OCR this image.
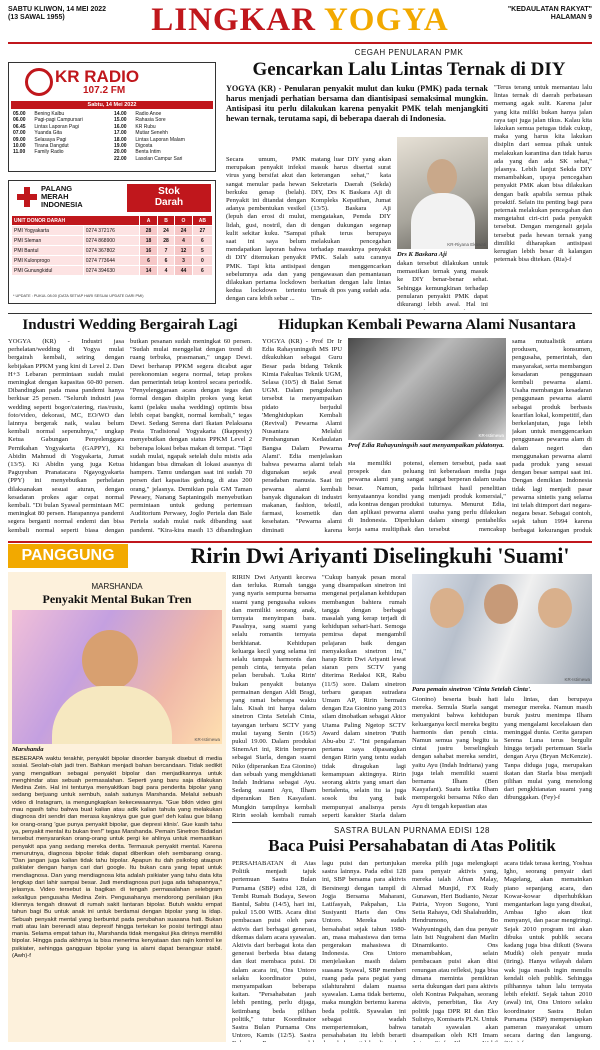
SABTU KLIWON, 14 MEI 2022
(13 SAWAL 1955)	LINGKAR YOGYA	"KEDAULATAN RAKYAT"
HALAMAN 9
KR RADIO
107.2 FM
Sabtu, 14 Mei 2022
05.00	Bening Kalbu	14.00	Radio Anoe
06.00	Pagi-pagi Campursari	15.00	Rahasia Sore
06.45	Lintas Laporan Pagi	16.00	KR Rubu
07.00	Yuanda Gita	17.00	Mutiar Senehh
09.00	Selasaya Pagi	18.00	Lintas Laporan Malam
10.00	Tirana Dangdut	19.00	Digosta
11.00	Family Radio	20.00	Benta Intim
22.00	Lasolan Campur Sari
PALANG
MERAH
INDONESIA
Stok
Darah
UNIT DONOR DARAH		A	B	O	AB
PMI Yogyakarta	0274 372176	28	24	24	27
PMI Sleman	0274 868900	18	28	4	6
PMI Bantul	0274 367802	16	7	12	5
PMI Kulonprogo	0274 773644	6	6	3	0
PMI Gunungkidul	0274 394630	14	4	44	6
* UPDATE : PUKUL 08.00 (DATA SETIAP HARI SESUAI UPDATE DARI PMI)
CEGAH PENULARAN PMK
Gencarkan Lalu Lintas Ternak di DIY
YOGYA (KR) - Penularan penyakit mulut dan kuku (PMK) pada ternak harus menjadi perhatian bersama dan diantisipasi semaksimal mungkin. Antisipasi itu perlu dilakukan karena penyakit PMK telah menjangkiti hewan ternak, terutama sapi, di beberapa daerah di Indonesia.
Secara umum, PMK merupakan penyakit infeksi virus yang bersifat akut dan sangat menular pada hewan berkuku genap (belah). Penyakit ini ditandai dengan adanya pembentukan vesikel (lepuh dan erosi di mulut, lidah, gusi, nostril, dan di kulit sekitar kuku. "Sampai saat ini saya belum mendapatkan laporan bahwa di DIY ditemukan penyakit PMK. Tapi kita antisipasi sebelumnya ada dan yang dilakukan pertama lockdown kedua lockdown tertentu dengan cara lebih sebar ...
matang luar DIY yang akan masuk harus disertai surat keterangan sehat," kata Sekretaris Daerah (Sekda) DIY, Drs K Baskara Aji di Kompleks Kepatihan, Jumat (13/5). Baskara Aji mengatakan, Pemda DIY dengan dukungan segenap pihak terus berupaya melakukan pencegahan terhadap masuknya penyakit PMK. Salah satu caranya dengan menggencarkan pengawasan dan pemantauan berkaitan dengan lalu lintas ternak di pos yang sudah ada. Tin-
KR-Riyana Ekawati
Drs K Baskara Aji
dakan tersebut dilakukan untuk memastikan ternak yang masuk ke DIY benar-benar sehat. Sehingga kemungkinan terhadap penularan penyakit PMK dapat dikurangi lebih awal. Hal ini
"Terus terang untuk memantau lalu lintas ternak di daerah perbatasan memang agak sulit. Karena jalur yang kita miliki bukan hanya jalan raya tapi juga jalan tikus. Kalau kita lakukan semua petugas tidak cukup, maka yang harus kita lakukan disiplin dari semua pihak untuk melakukan karantina dan tidak harus ada yang dan ada SK sehat," jelasnya. Lebih lanjut Sekda DIY menambahkan, upaya pencegahan penyakit PMK akan bisa dilakukan dengan baik apabila semua pihak proaktif. Selain itu penting bagi para peternak melakukan pencegahan dan mengetahui ciri-ciri pada penyakit tersebut. Dengan mengenali gejala tersebut pada hewan ternak yang dimiliki diharapkan antisipasi kerugian lebih besar di kalangan peternak bisa ditekan. (Ria)-f
Industri Wedding Bergairah Lagi
YOGYA (KR) - Industri jasa perhelatan/wedding di Yogya mulai bergairah kembali, seiring dengan kebijakan PPKM yang kini di Level 2. Dan H+3 Lebaran permintaan sudah mulai meningkat dengan kapasitas 60-80 persen. Dibandingkan pada masa pandemi hanya berkisar 25 persen. "Seluruh industri jasa wedding seperti bogor/catering, rias/rusiu, foto/video, dekorasi, MC, EO/WO dan lainnya bergerak naik, walau belum kembali normal sepenuhnya," ungkap Ketua Gabungan Penyelenggara Pernikahan Yogyakarta (GAPPY), Ki Abidin Mahmud di Yogyakarta, Jumat (13/5). Ki Abidin yang juga Ketua Paguyuban Pranatacara Ngayogyakarta (PPY) ini menyebutkan perhelatan dilaksanakan sesuai aturan, dengan kesadaran prokes agar cepat normal kembali. "Di bulan Syawal permintaan MC meningkat 80 persen. Harapannya pandemi segera berganti normal endemi dan bisa kembali normal seperti biasa dengan
butkan pesanan sudah meningkat 60 persen. "Sudah mulai menggeliat dengan trend di ruang terbuka, prasmanan," ungap Dewi. Dewi berharap PPKM segera dicabut agar perekonomian segera normal, tetap prokes dan pemerintah tetap kontrol secara periodik. "Penyelenggaraan acara dengan tegas dan formal dengan disiplin prokes yang ketat kami (pelaku usaha wedding) optimis bisa lebih cepat bangkit, normal kembali," tegas Dewi. Sedang Serena dari Ikatan Pelaksana Pesta Tradisional Yogyakarta (Ikappesty) menyebutkan dengan status PPKM Level 2 beberapa lokasi bebas makan di tempat. "Tapi sudah mulai, ngapak setelah dulu mistis ada hidangan bisa dimakan di lokasi asasnya di hampers. Tamu undangan saat ini sudah 70 persen dari kapasitas gedung, di atas 200 orang," jelasnya. Demikian pula GM Taman Pewaey, Nanang Saptaningsih menyebutkan permintaan untuk gedung pertemuan Auditorium Perwaey, Joglo Pertela dan Bale Pertela sudah mulai naik dibanding saat pandemi. "Kira-kira masih 13 dibandingkan
Hidupkan Kembali Pewarna Alami Nusantara
YOGYA (KR) - Prof Dr Ir Edia Rahayuningsih MS IPU dikukuhkan sebagai Guru Besar pada bidang Teknik Kimia Fakultas Teknik UGM, Selasa (10/5) di Balai Senat UGM. Dalam pengukuhan tersebut ia menyampaikan pidato berjudul 'Menghidupkan Kembali (Revival) Pewarna Alami Nusantara Melalui Pembangunan Kedaulatan Bangsa Dalam Pewarna Alami'. Edia menjelaskan bahwa pewarna alami telah digunakan sejak awal peradaban manusia. Saat ini pewarna alami kembali banyak digunakan di industri makanan, fashion, tekstil, farmasi, kosmetik dan kesehatan. "Pewarna alami diminati karena
KR-Istimewa
Prof Edia Rahayuningsih saat menyampaikan pidatonya.
sia memiliki potensi, prospek dan peluang pewarna alami yang sangat besar. Namun, pada kenyataannya kondisi yang ada kontras dengan produksi dan aplikasi pewarna alami di Indonesia. Diperlukan kerja sama multipihak dan
elemen tersebut, pada saat ini keberadaan media juga sangat berperan dalam usaha hilirisasi hasil penelitian menjadi produk komersial," tuturnya. Menurut Edia, usaha yang perlu dilakukan dalam sinergi pentaheliks tersebut mencakup
sama mutualistik antara produsen, konsumen, pengusaha, pemerintah, dan masyarakat, serta membangun kesadaran penggunaan kembali pewarna alami. Usaha membangun kesadaran penggunaan pewarna alami sebagai produk berbasis kearifan lokal, kompetitif, dan berkelanjutan, juga lebih jakan untuk menggencarkan penggunaan pewarna alam di dalam negeri dan menggunakan pewarna alami pada produk yang sesuai dengan besar sampai saat ini. Dengan demikian Indonesia tidak lagi menjadi pasar pewarna sintetis yang selama ini telah diimport dari negara-negara besar. Sebagai contoh, sejak tahun 1994 karena berbagai kekurangan produk
PANGGUNG	Ririn Dwi Ariyanti Diselingkuhi 'Suami'
MARSHANDA
Penyakit Mental Bukan Tren
KR-Istimewa
Marshanda
BEBERAPA waktu terakhir, penyakit bipolar disorder banyak disebut di media sosial. Seolah-olah jadi tren. Bahkan menjadi bahan bercandaan. Tidak sedikit yang mengaitkan sebagai penyakit bipolar dan menjadikannya untuk menghindar atas sebuah permasalahan. Seperti yang baru saja dilakukan Medina Zein. Hal ini tentunya menyakitkan bagi para penderita bipolar yang sedang berjuang untuk sembuh, salah satunya Marshanda. Melalui sebuah video di Instagram, ia mengungkapkan kekecewaannya. "Gue bikin video gini mau ngasih tahu bahwa buat kalian atau adik kalian tahula yang melakukan diagnosa diri sendiri dan merasa kayaknya gue gue gue! deh kalau gue bilang ke orang-orang 'gue punya penyakit bipolar, gue depresi klinis'. Gue kasih tahu ya, penyakit mental itu bukan tren!" tegas Marshanda. Pemain Sinetron Bidadari tersebut menyarankan orang-orang untuk pergi ke ahlinya untuk memastikan penyakit apa yang sedang mereka derita. Termasuk penyakit mental. Karena menurutnya, diagnosa bipolar tidak dapat diberikan oleh sembarang orang. "Dan jangan juga kalian tidak tahu bipolar. Apapun itu dah psikolog ataupun psikiater dengan hanya cari dari google. Itu bukan cara yang tepat untuk mendiagnosa. Dan yang mendiagnosa kita adalah psikiater yang tahu data kita lengkap dari lahir sampai besar. Jadi mendiagnosa puri juga ada tahapannya," jelasnya. Video tersebut ia bagikan di tengah permasalahan selebgram sekaligus pengusaha Medina Zein. Pengusahanya mendorong penilaian jika kliennya tengah dirawat di rumah sakit lantaran bipolar. Butuh waktu empat tahun bagi Bu untuk anak ini untuk berdamai dengan bipolar yang ia idap. Sebuah penyakit mental yang berbuntut pada perubahan suasana hati. Bukan mati atau lain berenadi atau depresif hingga tertekan ke posisi tertinggi atau mania. Selama empat tahun itu, Marshanda tidak mengakui jika dirinya memiliki bipolar. Hingga pada akhirnya ia bisa menerima kenyataan dan rajin kontrol ke psikiater, sehingga gangguan bipolar yang ia alami dapat berangsur stabil. (Awh)-f
RIRIN Dwi Ariyanti kecewa dan terluka. Rumah tangga yang nyaris sempurna bersama suami yang pengusaha sukses dan memiliki seorang anak, ternyata menyimpan bara. Pasalnya, sang suami yang selalu romantis ternyata berkhianat. Kehidupan keluarga kecil yang selama ini selalu tampak harmonis dan penuh cinta, ternyata pelan pelan berubah. 'Luka Ririn' bukan penyakit butanya permainan dengan Aldi Bragi, yang ramai beberapa waktu lalu. Kisah ini hanya dalam sinetron Cinta Setelah Cinta, tayangan terbaru SCTV yang mulai tayang Senin (16/5) pukul 19.00. Dalam produksi SinemArt ini, Ririn berperan sebagai Starla, dengan suami Niko (diperankan Eza Gionino) dan sebuah yang mengkhianati Indah Indriana sebagai Ayu. Sedang suami Ayu, Ilham diperankan Ben Kasyafani. Mungkin tampilnya kembali Ririn seolah kembali rumah
"Cukup banyak pesan moral yang disampaikan sinetron ini mengenai perjalanan kehidupan membangun bahtera rumah tangga dengan berbagai masalah yang kerap terjadi di kehidupan sehari-hari. Semoga pemirsa dapat mengambil pelajaran baik dengan menyaksikan sinetron ini," harap Ririn Dwi Ariyanti lewat siaran pers SCTV yang diterima Redaksi KR, Rabu (11/5) sore. Dalam sinetron terbaru garapan sutradara Umam AP, Ririn bermain dengan Eza Gionino yang 2013 silam dinobatkan sebagai Aktor Utama Paling Ngetop SCTV Award dalam sinetron 'Putih Abu-abu 2'. "Ini pengalaman pertama saya dipasangkan dengan Ririn yang tentu sudah tidak diragukan lagi kemampuan aktingnya. Ririn seorang aktris yang smart dan bertalenta, selain itu ia juga sosok ibu yang baik mempunyai analisnya persis seperti karakter Starla dalam
KR-Istimewa
Para pemain sinetron 'Cinta Setelah Cinta'.
Gionino) beserta buah hati mereka. Semula Starla sangat menyakini bahwa kehidupan keluarganya kecil mereka begitu harmonis dan penuh cinta. Namun semua yang begitu ia cintai justru berselingkuh dengan sahabat mereka sendiri, yaitu Ayu (Indah Indriana) yang juga telah memiliki suami bernama Ilham (Ben Kasyafani). Suatu ketika Ilham mempergoki bersama Niko dan Ayu di tengah kepastian atas
lalu lintas, dan berupaya menegur mereka. Namun masih buruk justru menimpa Ilham yang mengalami kecelakaan dan meninggal dunia. Cerita garapan Serena Luna terus bergulir hingga terjadi pertemuan Starla dengan Arya (Bryan McKenzie). Tanpa diduga juga, merupakan ikatan dan Starla bisa menjadi pilihan mulai yang menolong dari pengkhianatan suami yang dibunggakan. (Fey)-f
SASTRA BULAN PURNAMA EDISI 128
Baca Puisi Persahabatan di Atas Politik
PERSAHABATAN di Atas Politik menjadi tajuk pertemuan Sastra Bulan Purnama (SBP) edisi 128, di Tembi Rumah Budaya, Sewon Bantul, Sabtu (14/5), hari ini, pukul 15.00 WIB. Acara diisi pembacaan puisi oleh para aktivis dari berbagai generasi, dikemas dalam acara syawalan. Aktivis dari berbagai kota dan generasi berbeda bisa datang dan ikut membaca puisi. Di dalam acara ini, Ons Untoro selaku koordinator puisi, menyampaikan beberapa kaitan. "Persahabatan jauh lebih penting, perlu dijaga, ketimbang beda pilihan politik," tutur Koordinator Sastra Bulan Purnama Ons Untoro, Kamis (12/5). Sastra
lagu puisi dan pertunjukan sastra lainnya. Pada edisi 128 ini, SBP bersama para aktivis Bersinergi dengan tampil di Jogja Bersama Maharani, Latifasyah, Pakpahan, Lia Susiyanti Haris dan Ons Untoro. Mereka sudah bersahabat sejak tahun 1980-an, masa mahasiswa dan tema pergerakan mahasiswa di Indonesia. Ons Untoro menjelaskan masih dalam suasana Syawal, SBP memberi ruang pada para pegiat yang silahturahmi dalam nuansa syawalan. Lama tidak bertemu, maka mungkin bertemu karena beda politik. Syawalan ini sebagai wadah mempertemukan, bahwa persahabatan itu lebih berarti
mereka pilih juga melengkapi para penyair aktivis yang, mereka ialah Afnan Malay, Ahmad Munjid, FX Rudy Gunawan, Heri Budianto, Nezar Patria, Yoyon Sugono, Yuni Setia Rahayu, Odi Shalahuddin, Hendrumono, Bo Wahyuningsih, dan dua penyair lain Isti Nugraheni dan Marlin Dinamikanto. Ons menambahkan, selain pembacaan puisi akan diisi renungan atau refleksi, juga bisa dimana meminta pemikiran serta dukungan dari para aktivis oleh Kontras Pakpahan, seorang aktivis, penerbitan, Ika Ary politik juga DPR RI dan Eko Sulistyo, Komisaris PLN. Untuk tanatah syawalan akan disampaikan oleh KH Imam
acara tidak terasa kering, Yoshua Igho, seorang penyair dari Magelang, akan memainkan piano sepanjang acara, dan Kowar-kowar diperhubikkan mengantarkan lagu yang disukai, Ambaa Igho akan ikut menyanyi, dan pacar mengiringi. Sejak 2010 program ini akan dibuka untuk publik secara kadang juga bisa diikuti (Swara Mudik) oleh penyair muda (tiring). Hanya wilayah dalam wak juga masih ingin menulis kendali oleh publik. Sehingga pilihannya tahun lalu ternyata lebih efektif. Sejak tahun 2010 (awal) ini, Ons Untoro selaku koordinator Sastra Bulan Purnama (SBP) mempersiapkan pameran masyarakat umum secara daring dan langsung.
